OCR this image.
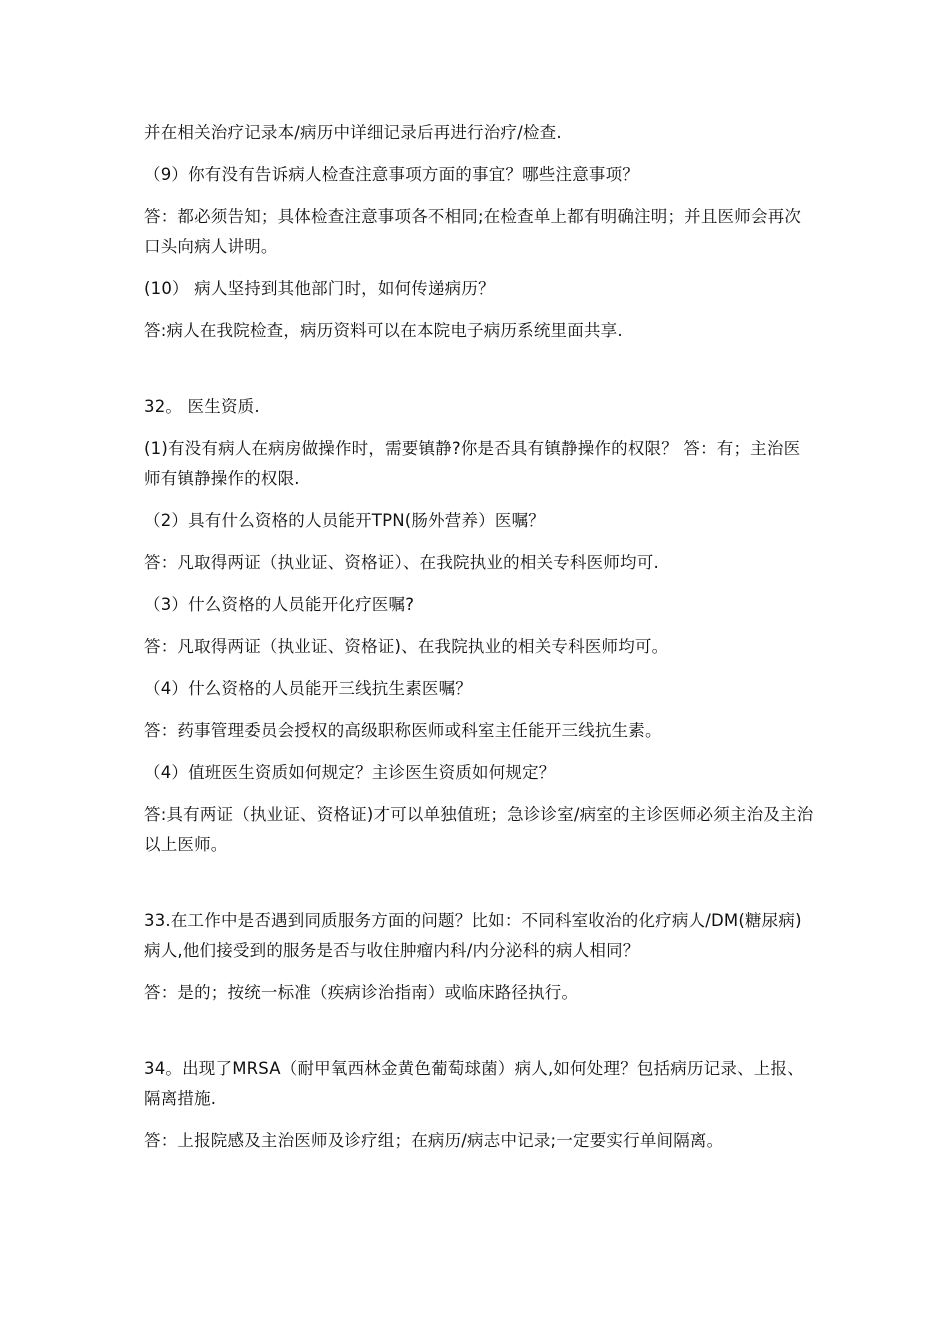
并在相关治疗记录本/病历中详细记录后再进行治疗/检查.

（9）你有没有告诉病人检查注意事项方面的事宜？哪些注意事项？

答：都必须告知；具体检查注意事项各不相同;在检查单上都有明确注明；并且医师会再次口头向病人讲明。

(10） 病人坚持到其他部门时，如何传递病历？

答:病人在我院检查，病历资料可以在本院电子病历系统里面共享.

32。 医生资质.

(1)有没有病人在病房做操作时，需要镇静?你是否具有镇静操作的权限？ 答：有；主治医师有镇静操作的权限.

（2）具有什么资格的人员能开TPN(肠外营养）医嘱？

答：凡取得两证（执业证、资格证）、在我院执业的相关专科医师均可.

（3）什么资格的人员能开化疗医嘱?

答：凡取得两证（执业证、资格证)、在我院执业的相关专科医师均可。

（4）什么资格的人员能开三线抗生素医嘱？

答：药事管理委员会授权的高级职称医师或科室主任能开三线抗生素。

（4）值班医生资质如何规定？主诊医生资质如何规定？

答:具有两证（执业证、资格证)才可以单独值班；急诊诊室/病室的主诊医师必须主治及主治以上医师。

33.在工作中是否遇到同质服务方面的问题？比如：不同科室收治的化疗病人/DM(糖尿病)病人,他们接受到的服务是否与收住肿瘤内科/内分泌科的病人相同？

答：是的；按统一标准（疾病诊治指南）或临床路径执行。

34。出现了MRSA（耐甲氧西林金黄色葡萄球菌）病人,如何处理？包括病历记录、上报、隔离措施.

答：上报院感及主治医师及诊疗组；在病历/病志中记录;一定要实行单间隔离。
